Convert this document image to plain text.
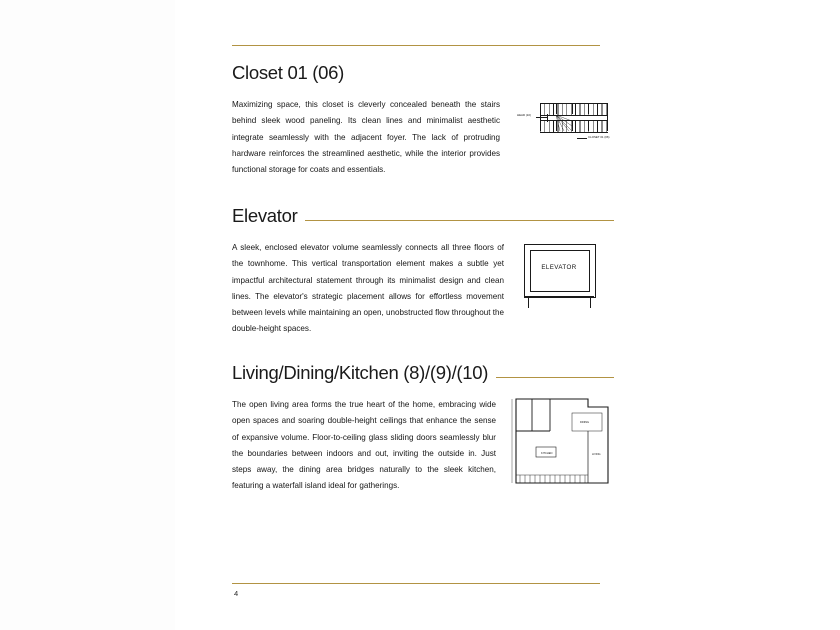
Closet 01 (06)
Maximizing space, this closet is cleverly concealed beneath the stairs behind sleek wood paneling. Its clean lines and minimalist aesthetic integrate seamlessly with the adjacent foyer. The lack of protruding hardware reinforces the streamlined aesthetic, while the interior provides functional storage for coats and essentials.
HEAD (10)
CLOSET 01 (06)
Elevator
A sleek, enclosed elevator volume seamlessly connects all three floors of the townhome. This vertical transportation element makes a subtle yet impactful architectural statement through its minimalist design and clean lines. The elevator's strategic placement allows for effortless movement between levels while maintaining an open, unobstructed flow throughout the double-height spaces.
ELEVATOR
Living/Dining/Kitchen (8)/(9)/(10)
The open living area forms the true heart of the home, embracing wide open spaces and soaring double-height ceilings that enhance the sense of expansive volume. Floor-to-ceiling glass sliding doors seamlessly blur the boundaries between indoors and out, inviting the outside in. Just steps away, the dining area bridges naturally to the sleek kitchen, featuring a waterfall island ideal for gatherings.
KITCHEN
DINING
LIVING
4
